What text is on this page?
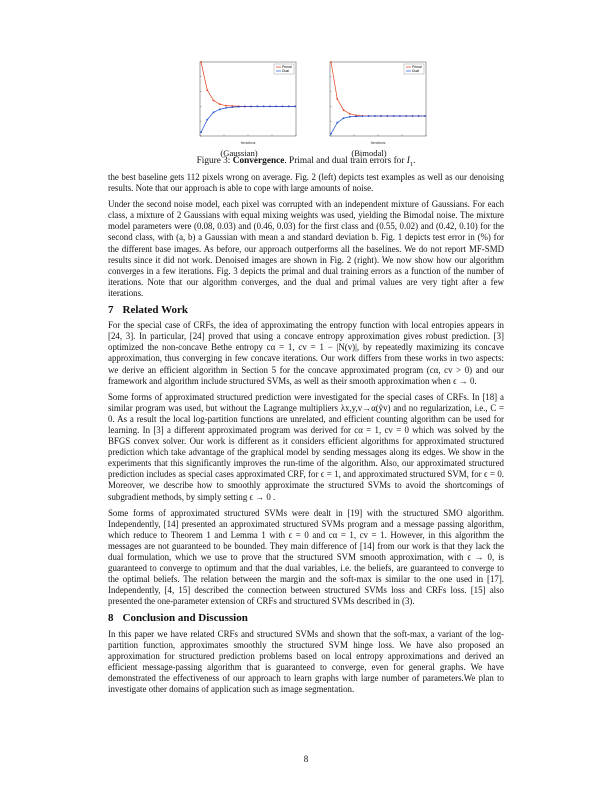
Iterations
Primal
Dual
Iterations
Primal
Dual
(Gaussian)	(Bimodal)
Figure 3: Convergence. Primal and dual train errors for $I_1$.

the best baseline gets 112 pixels wrong on average. Fig. 2 (left) depicts test examples as well as our denoising results. Note that our approach is able to cope with large amounts of noise.

Under the second noise model, each pixel was corrupted with an independent mixture of Gaussians. For each class, a mixture of 2 Gaussians with equal mixing weights was used, yielding the Bimodal noise. The mixture model parameters were (0.08, 0.03) and (0.46, 0.03) for the first class and (0.55, 0.02) and (0.42, 0.10) for the second class, with (a, b) a Gaussian with mean a and standard deviation b. Fig. 1 depicts test error in (%) for the different base images. As before, our approach outperforms all the baselines. We do not report MF-SMD results since it did not work. Denoised images are shown in Fig. 2 (right). We now show how our algorithm converges in a few iterations. Fig. 3 depicts the primal and dual training errors as a function of the number of iterations. Note that our algorithm converges, and the dual and primal values are very tight after a few iterations.

7 Related Work

For the special case of CRFs, the idea of approximating the entropy function with local entropies appears in [24, 3]. In particular, [24] proved that using a concave entropy approximation gives robust prediction. [3] optimized the non-concave Bethe entropy cα = 1, cv = 1 − |N(v)|, by repeatedly maximizing its concave approximation, thus converging in few concave iterations. Our work differs from these works in two aspects: we derive an efficient algorithm in Section 5 for the concave approximated program (cα, cv > 0) and our framework and algorithm include structured SVMs, as well as their smooth approximation when ϵ → 0.

Some forms of approximated structured prediction were investigated for the special cases of CRFs. In [18] a similar program was used, but without the Lagrange multipliers λx,y,v→α(ŷv) and no regularization, i.e., C = 0. As a result the local log-partition functions are unrelated, and efficient counting algorithm can be used for learning. In [3] a different approximated program was derived for cα = 1, cv = 0 which was solved by the BFGS convex solver. Our work is different as it considers efficient algorithms for approximated structured prediction which take advantage of the graphical model by sending messages along its edges. We show in the experiments that this significantly improves the run-time of the algorithm. Also, our approximated structured prediction includes as special cases approximated CRF, for ϵ = 1, and approximated structured SVM, for ϵ = 0. Moreover, we describe how to smoothly approximate the structured SVMs to avoid the shortcomings of subgradient methods, by simply setting ϵ → 0 .

Some forms of approximated structured SVMs were dealt in [19] with the structured SMO algorithm. Independently, [14] presented an approximated structured SVMs program and a message passing algorithm, which reduce to Theorem 1 and Lemma 1 with ϵ = 0 and cα = 1, cv = 1. However, in this algorithm the messages are not guaranteed to be bounded. They main difference of [14] from our work is that they lack the dual formulation, which we use to prove that the structured SVM smooth approximation, with ϵ → 0, is guaranteed to converge to optimum and that the dual variables, i.e. the beliefs, are guaranteed to converge to the optimal beliefs. The relation between the margin and the soft-max is similar to the one used in [17]. Independently, [4, 15] described the connection between structured SVMs loss and CRFs loss. [15] also presented the one-parameter extension of CRFs and structured SVMs described in (3).

8 Conclusion and Discussion

In this paper we have related CRFs and structured SVMs and shown that the soft-max, a variant of the log-partition function, approximates smoothly the structured SVM hinge loss. We have also proposed an approximation for structured prediction problems based on local entropy approximations and derived an efficient message-passing algorithm that is guaranteed to converge, even for general graphs. We have demonstrated the effectiveness of our approach to learn graphs with large number of parameters.We plan to investigate other domains of application such as image segmentation.

8
